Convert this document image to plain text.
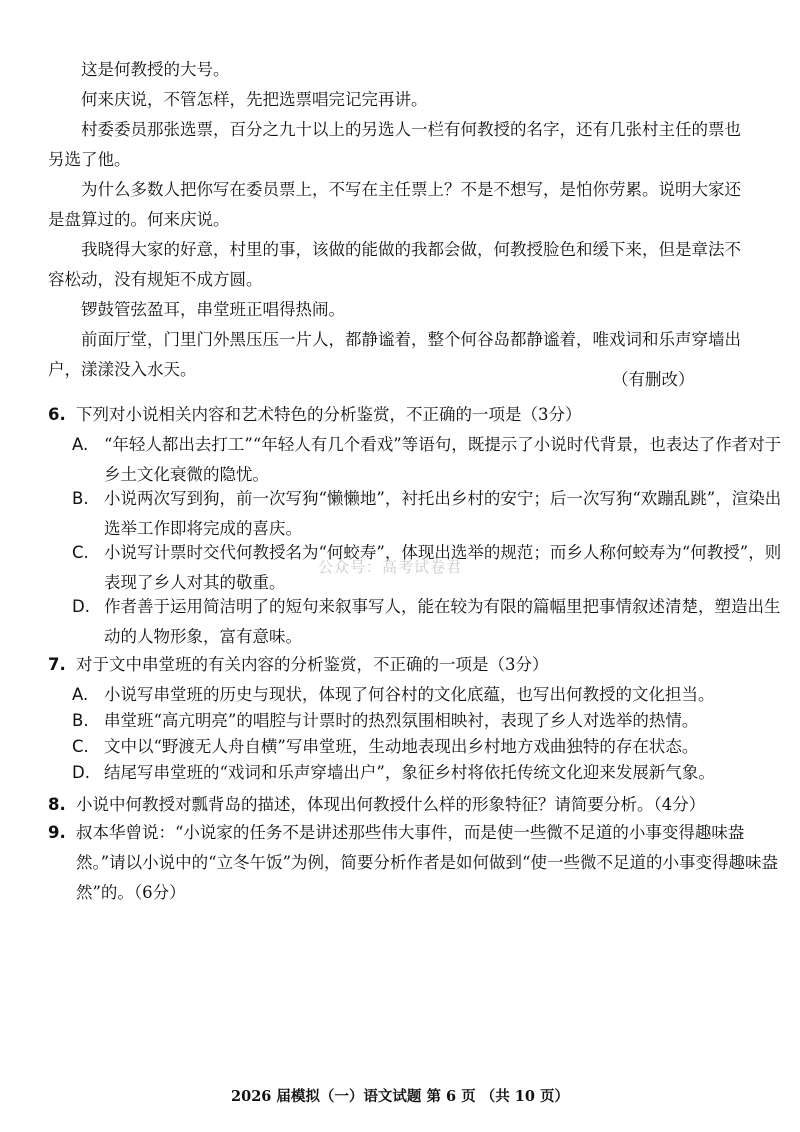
这是何教授的大号。
何来庆说，不管怎样，先把选票唱完记完再讲。
村委委员那张选票，百分之九十以上的另选人一栏有何教授的名字，还有几张村主任的票也另选了他。
为什么多数人把你写在委员票上，不写在主任票上？不是不想写，是怕你劳累。说明大家还是盘算过的。何来庆说。
我晓得大家的好意，村里的事，该做的能做的我都会做，何教授脸色和缓下来，但是章法不容松动，没有规矩不成方圆。
锣鼓管弦盈耳，串堂班正唱得热闹。
前面厅堂，门里门外黑压压一片人，都静谧着，整个何谷岛都静谧着，唯戏词和乐声穿墙出户，漾漾没入水天。
（有删改）
6. 下列对小说相关内容和艺术特色的分析鉴赏，不正确的一项是（3分）
A. “年轻人都出去打工”“年轻人有几个看戏”等语句，既提示了小说时代背景，也表达了作者对于乡土文化衰微的隐忧。
B. 小说两次写到狗，前一次写狗“懒懒地”，衬托出乡村的安宁；后一次写狗“欢蹦乱跳”，渲染出选举工作即将完成的喜庆。
C. 小说写计票时交代何教授名为“何蛟寿”，体现出选举的规范；而乡人称何蛟寿为“何教授”，则表现了乡人对其的敬重。
D. 作者善于运用简洁明了的短句来叙事写人，能在较为有限的篇幅里把事情叙述清楚，塑造出生动的人物形象，富有意味。
7. 对于文中串堂班的有关内容的分析鉴赏，不正确的一项是（3分）
A. 小说写串堂班的历史与现状，体现了何谷村的文化底蕴，也写出何教授的文化担当。
B. 串堂班“高亢明亮”的唱腔与计票时的热烈氛围相映衬，表现了乡人对选举的热情。
C. 文中以“野渡无人舟自横”写串堂班，生动地表现出乡村地方戏曲独特的存在状态。
D. 结尾写串堂班的“戏词和乐声穿墙出户”，象征乡村将依托传统文化迎来发展新气象。
8. 小说中何教授对瓢背岛的描述，体现出何教授什么样的形象特征？请简要分析。（4分）
9. 叔本华曾说：“小说家的任务不是讲述那些伟大事件，而是使一些微不足道的小事变得趣味盎然。”请以小说中的“立冬午饭”为例，简要分析作者是如何做到“使一些微不足道的小事变得趣味盎然”的。（6分）
公众号：高考试卷君
2026 届模拟（一）语文试题 第 6 页 （共 10 页）
